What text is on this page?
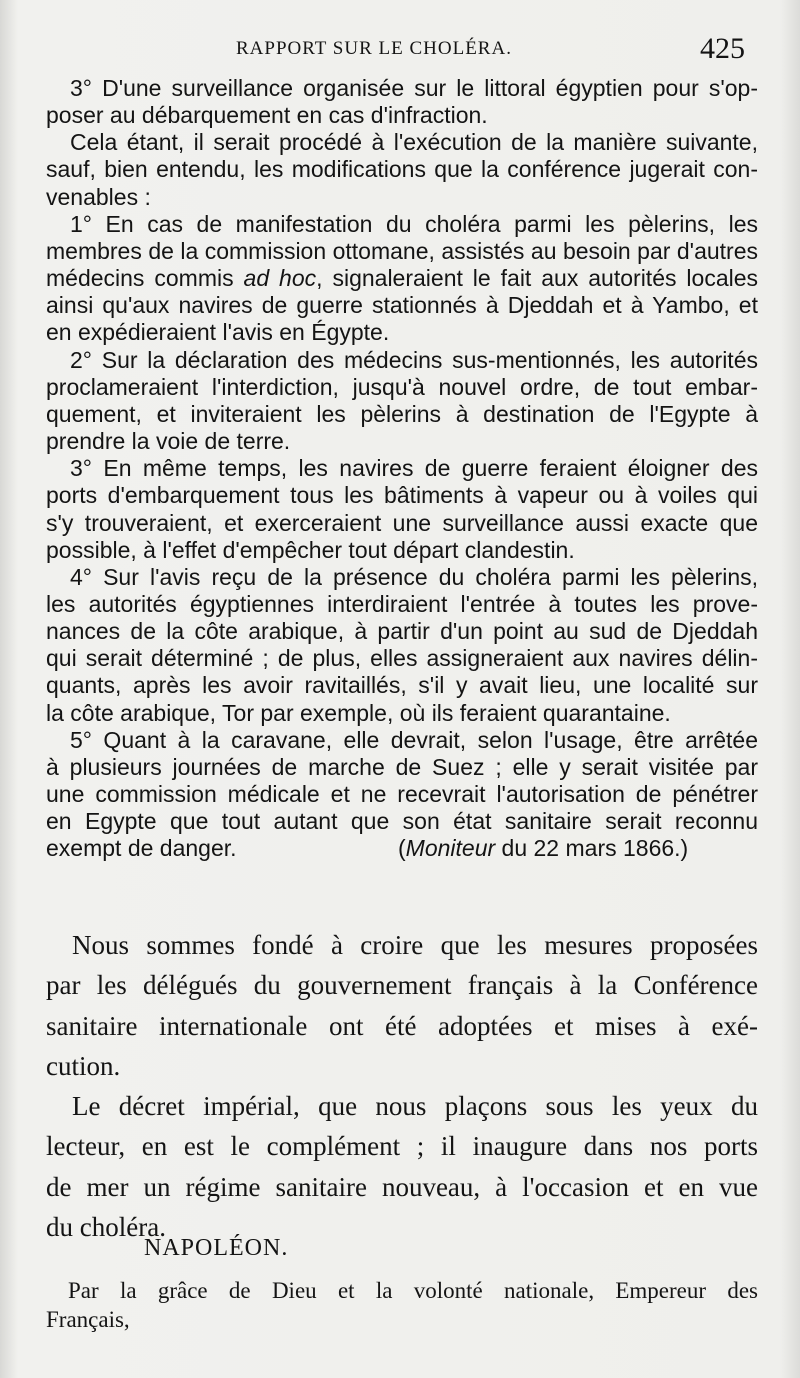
RAPPORT SUR LE CHOLÉRA.	425
3° D'une surveillance organisée sur le littoral égyptien pour s'op-
poser au débarquement en cas d'infraction.
Cela étant, il serait procédé à l'exécution de la manière suivante,
sauf, bien entendu, les modifications que la conférence jugerait con-
venables :
1° En cas de manifestation du choléra parmi les pèlerins, les
membres de la commission ottomane, assistés au besoin par d'autres
médecins commis ad hoc, signaleraient le fait aux autorités locales
ainsi qu'aux navires de guerre stationnés à Djeddah et à Yambo, et
en expédieraient l'avis en Égypte.
2° Sur la déclaration des médecins sus-mentionnés, les autorités
proclameraient l'interdiction, jusqu'à nouvel ordre, de tout embar-
quement, et inviteraient les pèlerins à destination de l'Egypte à
prendre la voie de terre.
3° En même temps, les navires de guerre feraient éloigner des
ports d'embarquement tous les bâtiments à vapeur ou à voiles qui
s'y trouveraient, et exerceraient une surveillance aussi exacte que
possible, à l'effet d'empêcher tout départ clandestin.
4° Sur l'avis reçu de la présence du choléra parmi les pèlerins,
les autorités égyptiennes interdiraient l'entrée à toutes les prove-
nances de la côte arabique, à partir d'un point au sud de Djeddah
qui serait déterminé ; de plus, elles assigneraient aux navires délin-
quants, après les avoir ravitaillés, s'il y avait lieu, une localité sur
la côte arabique, Tor par exemple, où ils feraient quarantaine.
5° Quant à la caravane, elle devrait, selon l'usage, être arrêtée
à plusieurs journées de marche de Suez ; elle y serait visitée par
une commission médicale et ne recevrait l'autorisation de pénétrer
en Egypte que tout autant que son état sanitaire serait reconnu
exempt de danger.	(Moniteur du 22 mars 1866.)
Nous sommes fondé à croire que les mesures proposées
par les délégués du gouvernement français à la Conférence
sanitaire internationale ont été adoptées et mises à exé-
cution.
Le décret impérial, que nous plaçons sous les yeux du
lecteur, en est le complément ; il inaugure dans nos ports
de mer un régime sanitaire nouveau, à l'occasion et en vue
du choléra.
NAPOLÉON.
Par la grâce de Dieu et la volonté nationale, Empereur des
Français,
